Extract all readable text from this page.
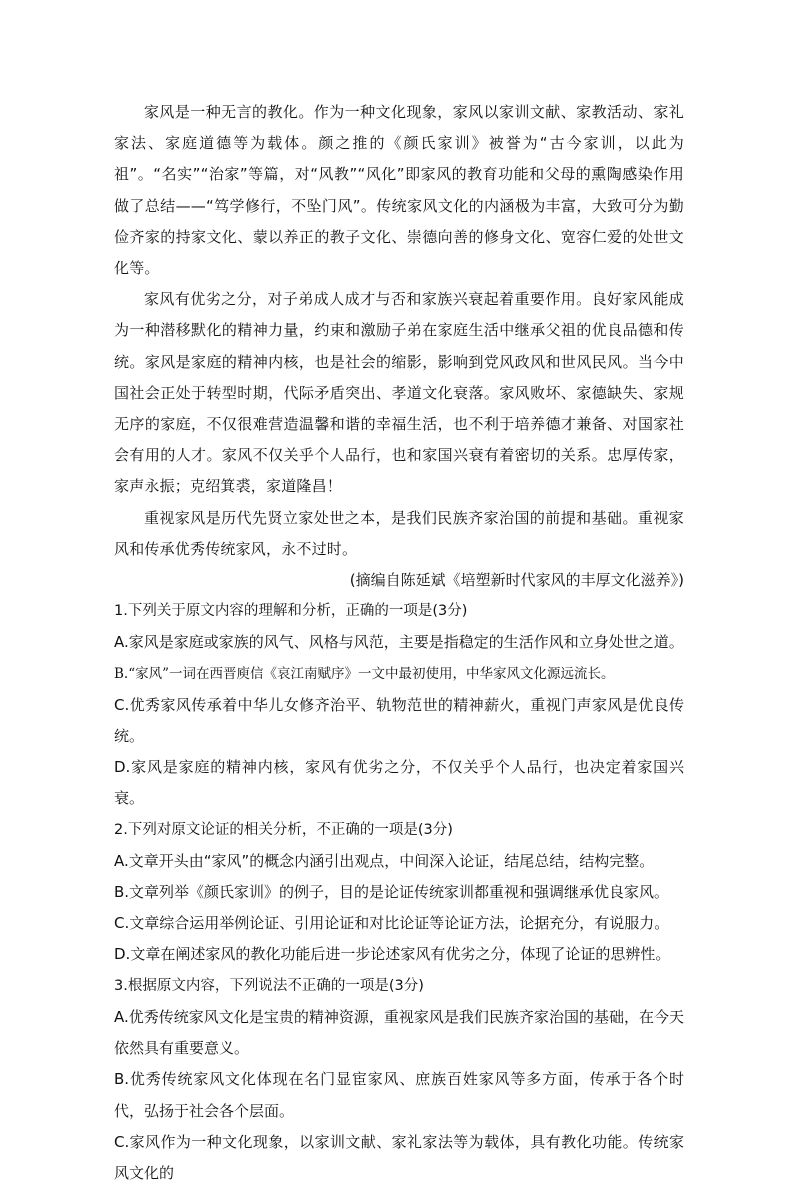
家风是一种无言的教化。作为一种文化现象，家风以家训文献、家教活动、家礼家法、家庭道德等为载体。颜之推的《颜氏家训》被誉为“古今家训，以此为祖”。“名实”“治家”等篇，对“风教”“风化”即家风的教育功能和父母的熏陶感染作用做了总结——“笃学修行，不坠门风”。传统家风文化的内涵极为丰富，大致可分为勤俭齐家的持家文化、蒙以养正的教子文化、崇德向善的修身文化、宽容仁爱的处世文化等。

家风有优劣之分，对子弟成人成才与否和家族兴衰起着重要作用。良好家风能成为一种潜移默化的精神力量，约束和激励子弟在家庭生活中继承父祖的优良品德和传统。家风是家庭的精神内核，也是社会的缩影，影响到党风政风和世风民风。当今中国社会正处于转型时期，代际矛盾突出、孝道文化衰落。家风败坏、家德缺失、家规无序的家庭，不仅很难营造温馨和谐的幸福生活，也不利于培养德才兼备、对国家社会有用的人才。家风不仅关乎个人品行，也和家国兴衰有着密切的关系。忠厚传家，家声永振；克绍箕裘，家道隆昌！

重视家风是历代先贤立家处世之本，是我们民族齐家治国的前提和基础。重视家风和传承优秀传统家风，永不过时。

(摘编自陈延斌《培塑新时代家风的丰厚文化滋养》)

1.下列关于原文内容的理解和分析，正确的一项是(3分)

A.家风是家庭或家族的风气、风格与风范，主要是指稳定的生活作风和立身处世之道。

B.“家风”一词在西晋庾信《哀江南赋序》一文中最初使用，中华家风文化源远流长。

C.优秀家风传承着中华儿女修齐治平、轨物范世的精神薪火，重视门声家风是优良传统。

D.家风是家庭的精神内核，家风有优劣之分，不仅关乎个人品行，也决定着家国兴衰。

2.下列对原文论证的相关分析，不正确的一项是(3分)

A.文章开头由“家风”的概念内涵引出观点，中间深入论证，结尾总结，结构完整。

B.文章列举《颜氏家训》的例子，目的是论证传统家训都重视和强调继承优良家风。

C.文章综合运用举例论证、引用论证和对比论证等论证方法，论据充分，有说服力。

D.文章在阐述家风的教化功能后进一步论述家风有优劣之分，体现了论证的思辨性。

3.根据原文内容，下列说法不正确的一项是(3分)

A.优秀传统家风文化是宝贵的精神资源，重视家风是我们民族齐家治国的基础，在今天依然具有重要意义。

B.优秀传统家风文化体现在名门显宦家风、庶族百姓家风等多方面，传承于各个时代，弘扬于社会各个层面。

C.家风作为一种文化现象，以家训文献、家礼家法等为载体，具有教化功能。传统家风文化的
